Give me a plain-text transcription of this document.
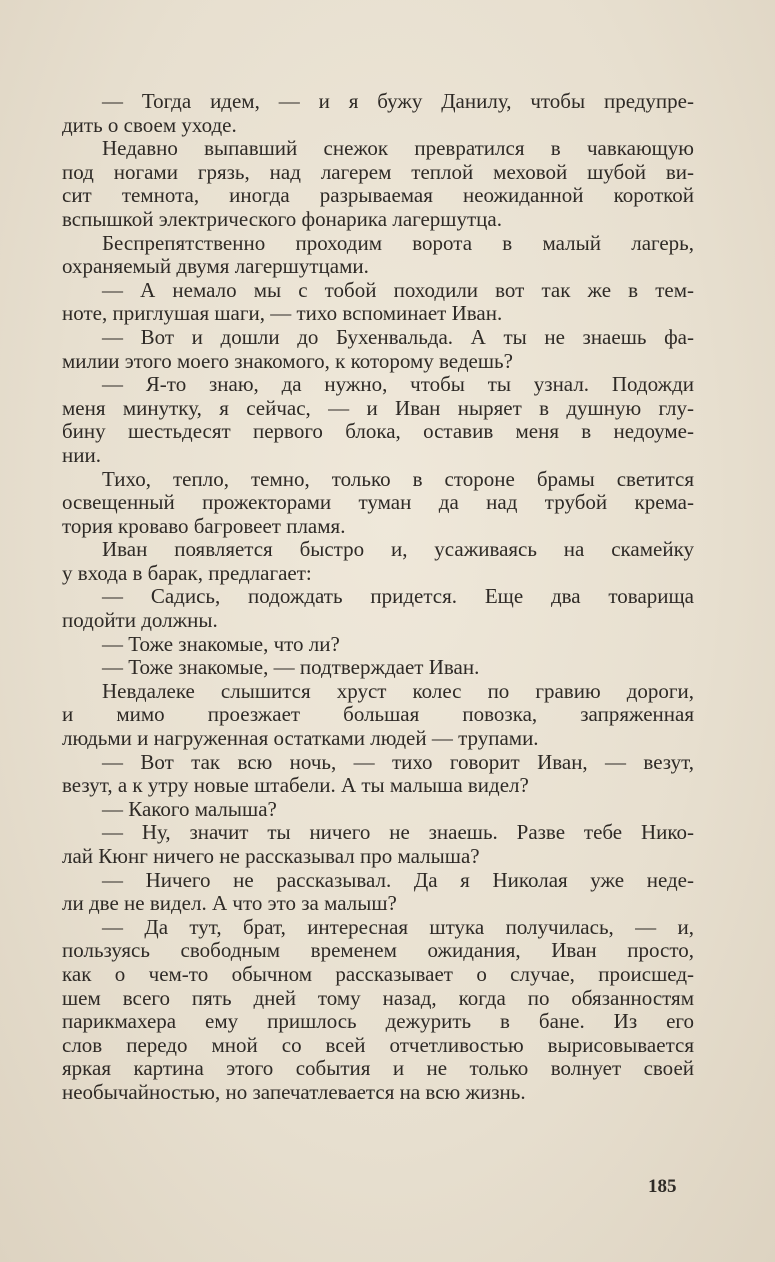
— Тогда идем, — и я бужу Данилу, чтобы предупре-
дить о своем уходе.
Недавно выпавший снежок превратился в чавкающую
под ногами грязь, над лагерем теплой меховой шубой ви-
сит темнота, иногда разрываемая неожиданной короткой
вспышкой электрического фонарика лагершутца.
Беспрепятственно проходим ворота в малый лагерь,
охраняемый двумя лагершутцами.
— А немало мы с тобой походили вот так же в тем-
ноте, приглушая шаги, — тихо вспоминает Иван.
— Вот и дошли до Бухенвальда. А ты не знаешь фа-
милии этого моего знакомого, к которому ведешь?
— Я-то знаю, да нужно, чтобы ты узнал. Подожди
меня минутку, я сейчас, — и Иван ныряет в душную глу-
бину шестьдесят первого блока, оставив меня в недоуме-
нии.
Тихо, тепло, темно, только в стороне брамы светится
освещенный прожекторами туман да над трубой крема-
тория кроваво багровеет пламя.
Иван появляется быстро и, усаживаясь на скамейку
у входа в барак, предлагает:
— Садись, подождать придется. Еще два товарища
подойти должны.
— Тоже знакомые, что ли?
— Тоже знакомые, — подтверждает Иван.
Невдалеке слышится хруст колес по гравию дороги,
и мимо проезжает большая повозка, запряженная
людьми и нагруженная остатками людей — трупами.
— Вот так всю ночь, — тихо говорит Иван, — везут,
везут, а к утру новые штабели. А ты малыша видел?
— Какого малыша?
— Ну, значит ты ничего не знаешь. Разве тебе Нико-
лай Кюнг ничего не рассказывал про малыша?
— Ничего не рассказывал. Да я Николая уже неде-
ли две не видел. А что это за малыш?
— Да тут, брат, интересная штука получилась, — и,
пользуясь свободным временем ожидания, Иван просто,
как о чем-то обычном рассказывает о случае, происшед-
шем всего пять дней тому назад, когда по обязанностям
парикмахера ему пришлось дежурить в бане. Из его
слов передо мной со всей отчетливостью вырисовывается
яркая картина этого события и не только волнует своей
необычайностью, но запечатлевается на всю жизнь.
185
